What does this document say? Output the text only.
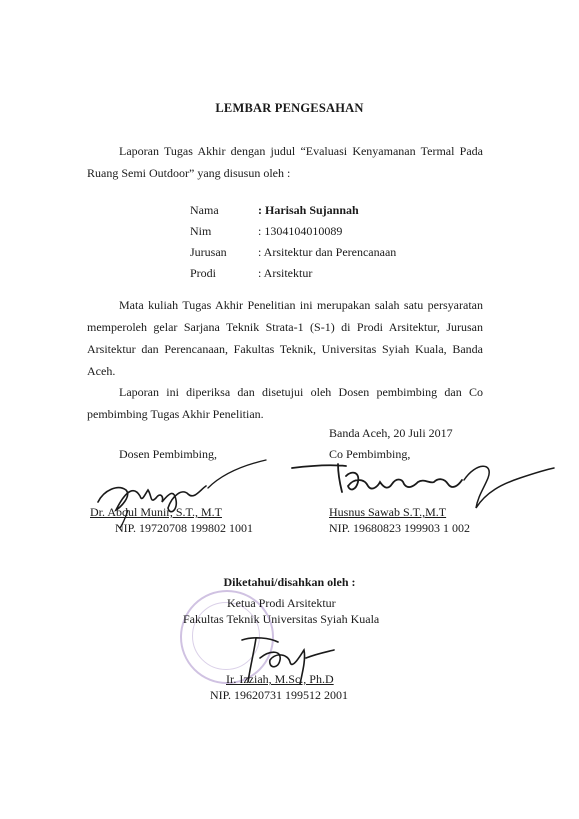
LEMBAR PENGESAHAN
Laporan Tugas Akhir dengan judul “Evaluasi Kenyamanan Termal Pada
Ruang Semi Outdoor” yang disusun oleh :
Nama	: Harisah Sujannah
Nim	: 1304104010089
Jurusan	: Arsitektur dan Perencanaan
Prodi	: Arsitektur
Mata kuliah Tugas Akhir Penelitian ini merupakan salah satu persyaratan
memperoleh gelar Sarjana Teknik Strata-1 (S-1) di Prodi Arsitektur, Jurusan
Arsitektur dan Perencanaan, Fakultas Teknik, Universitas Syiah Kuala, Banda
Aceh.
Laporan ini diperiksa dan disetujui oleh Dosen pembimbing dan Co
pembimbing Tugas Akhir Penelitian.
Banda Aceh, 20 Juli 2017
Dosen Pembimbing,	Co Pembimbing,
Dr. Abdul Munir, S.T., M.T	Husnus Sawab S.T.,M.T
NIP. 19720708 199802 1001	NIP. 19680823 199903 1 002
Diketahui/disahkan oleh :
Ketua Prodi Arsitektur
Fakultas Teknik Universitas Syiah Kuala
Ir. Izziah, M.Sc., Ph.D
NIP. 19620731 199512 2001
